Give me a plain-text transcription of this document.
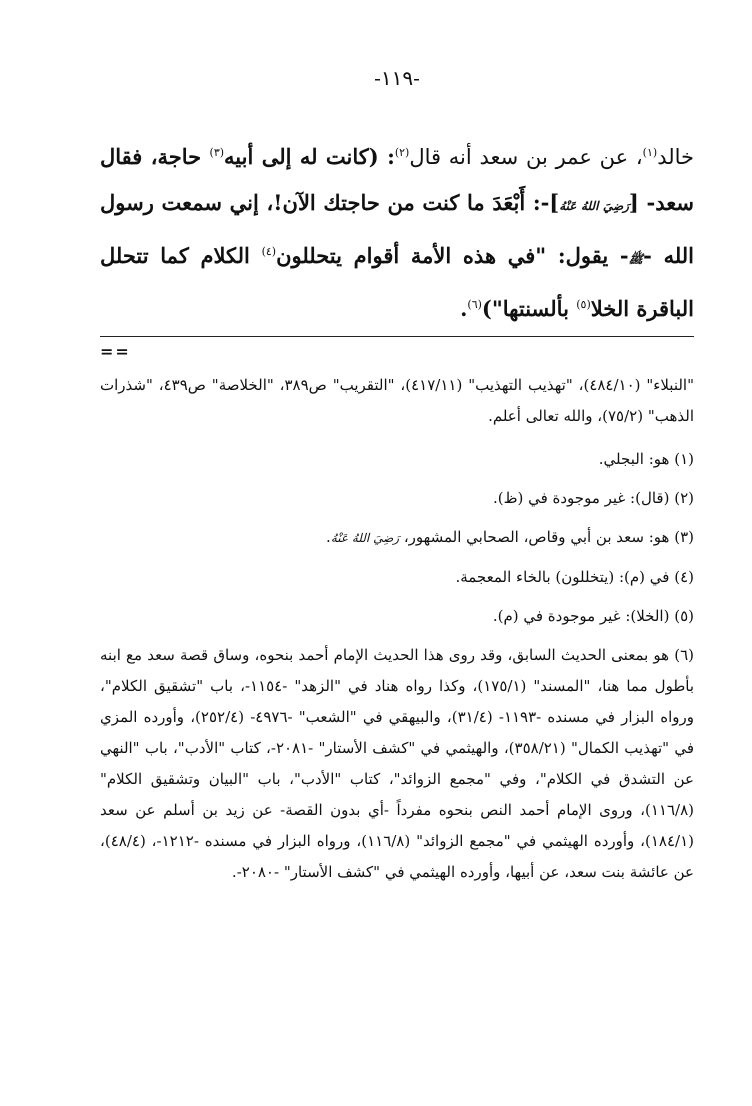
-١١٩-
خالد$^{(١)}$، عن عمر بن سعد أنه قال$^{(٢)}$: (كانت له إلى أبيه$^{(٣)}$ حاجة، فقال سعد- [رَضِيَ اللهُ عَنْهُ]-: أَبْعَدَ ما كنت من حاجتك الآن!، إني سمعت رسول الله -ﷺ- يقول: "في هذه الأمة أقوام يتحللون$^{(٤)}$ الكلام كما تتحلل الباقرة الخلا$^{(٥)}$ بألسنتها")$^{(٦)}$.
==

"النبلاء" (٤٨٤/١٠)، "تهذيب التهذيب" (٤١٧/١١)، "التقريب" ص٣٨٩، "الخلاصة" ص٤٣٩، "شذرات الذهب" (٧٥/٢)، والله تعالى أعلم.

(١) هو: البجلي.

(٢) (قال): غير موجودة في (ظ).

(٣) هو: سعد بن أبي وقاص، الصحابي المشهور، رَضِيَ اللهُ عَنْهُ.

(٤) في (م): (يتخللون) بالخاء المعجمة.

(٥) (الخلا): غير موجودة في (م).

(٦) هو بمعنى الحديث السابق، وقد روى هذا الحديث الإمام أحمد بنحوه، وساق قصة سعد مع ابنه بأطول مما هنا، "المسند" (١٧٥/١)، وكذا رواه هناد في "الزهد" -١١٥٤-، باب "تشقيق الكلام"، ورواه البزار في مسنده -١١٩٣- (٣١/٤)، والبيهقي في "الشعب" -٤٩٧٦- (٢٥٢/٤)، وأورده المزي في "تهذيب الكمال" (٣٥٨/٢١)، والهيثمي في "كشف الأستار" -٢٠٨١-، كتاب "الأدب"، باب "النهي عن التشدق في الكلام"، وفي "مجمع الزوائد"، كتاب "الأدب"، باب "البيان وتشقيق الكلام" (١١٦/٨)، وروى الإمام أحمد النص بنحوه مفرداً -أي بدون القصة- عن زيد بن أسلم عن سعد (١٨٤/١)، وأورده الهيثمي في "مجمع الزوائد" (١١٦/٨)، ورواه البزار في مسنده -١٢١٢-، (٤٨/٤)، عن عائشة بنت سعد، عن أبيها، وأورده الهيثمي في "كشف الأستار" -٢٠٨٠-.
